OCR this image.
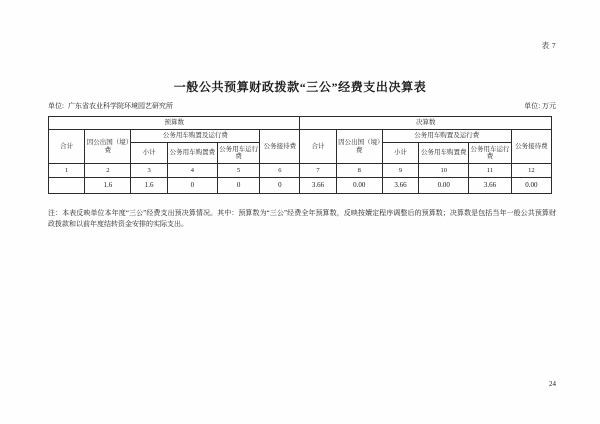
表 7
一般公共预算财政拨款“三公”经费支出决算表
单位: 广东省农业科学院环境园艺研究所	单位: 万元
预算数						决算数					
合计	因公出国（境）费	公务用车购置及运行费			公务接待费	合计	因公出国（境）费	公务用车购置及运行费			公务接待费
		小计	公务用车购置费	公务用车运行费				小计	公务用车购置费	公务用车运行费	
1	2	3	4	5	6	7	8	9	10	11	12
	1.6	1.6	0	0	0	3.66	0.00	3.66	0.00	3.66	0.00
注：本表反映单位本年度“三公”经费支出预决算情况。其中：预算数为“三公”经费全年预算数，反映按嬻定程序调整后的预算数；决算数是包括当年一般公共预算财政拨款和以前年度结转资金安排的实际支出。
24
